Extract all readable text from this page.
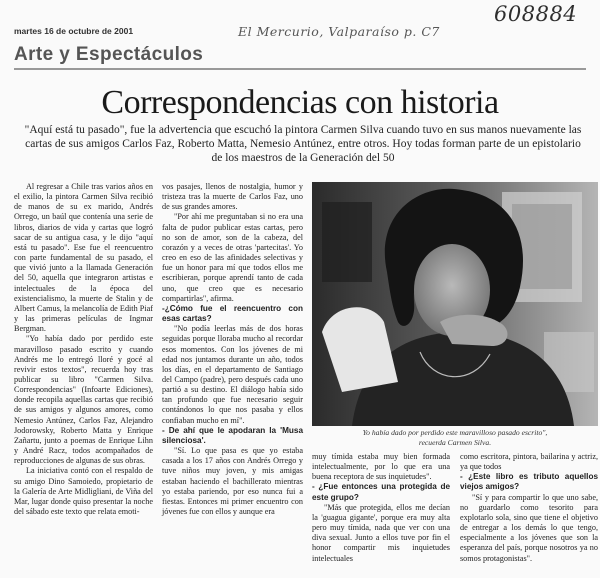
608884
El Mercurio, Valparaíso p. C7
martes 16 de octubre de 2001
Arte y Espectáculos
Correspondencias con historia
"Aquí está tu pasado", fue la advertencia que escuchó la pintora Carmen Silva cuando tuvo en sus manos nuevamente las cartas de sus amigos Carlos Faz, Roberto Matta, Nemesio Antúnez, entre otros. Hoy todas forman parte de un epistolario de los maestros de la Generación del 50

Al regresar a Chile tras varios años en el exilio, la pintora Carmen Silva recibió de manos de su ex marido, Andrés Orrego, un baúl que contenía una serie de libros, diarios de vida y cartas que logró sacar de su antigua casa, y le dijo "aquí está tu pasado". Ese fue el reencuentro con parte fundamental de su pasado, el que vivió junto a la llamada Generación del 50, aquella que integraron artistas e intelectuales de la época del existencialismo, la muerte de Stalin y de Albert Camus, la melancolía de Edith Piaf y las primeras películas de Ingmar Bergman.

"Yo había dado por perdido este maravilloso pasado escrito y cuando Andrés me lo entregó lloré y gocé al revivir estos textos", recuerda hoy tras publicar su libro "Carmen Silva. Correspondencias" (Infoarte Ediciones), donde recopila aquellas cartas que recibió de sus amigos y algunos amores, como Nemesio Antúnez, Carlos Faz, Alejandro Jodorowsky, Roberto Matta y Enrique Zañartu, junto a poemas de Enrique Lihn y André Racz, todos acompañados de reproducciones de algunas de sus obras.

La iniciativa contó con el respaldo de su amigo Dino Samoiedo, propietario de la Galería de Arte Midligliani, de Viña del Mar, lugar donde quiso presentar la noche del sábado este texto que relata emoti-

vos pasajes, llenos de nostalgia, humor y tristeza tras la muerte de Carlos Faz, uno de sus grandes amores.

"Por ahí me preguntaban si no era una falta de pudor publicar estas cartas, pero no son de amor, son de la cabeza, del corazón y a veces de otras 'partecitas'. Yo creo en eso de las afinidades selectivas y fue un honor para mí que todos ellos me escribieran, porque aprendí tanto de cada uno, que creo que es necesario compartirlas", afirma.

-¿Cómo fue el reencuentro con esas cartas?

"No podía leerlas más de dos horas seguidas porque lloraba mucho al recordar esos momentos. Con los jóvenes de mi edad nos juntamos durante un año, todos los días, en el departamento de Santiago del Campo (padre), pero después cada uno partió a su destino. El diálogo había sido tan profundo que fue necesario seguir contándonos lo que nos pasaba y ellos confiaban mucho en mí".

- De ahí que le apodaran la 'Musa silenciosa'.

"Sí. Lo que pasa es que yo estaba casada a los 17 años con Andrés Orrego y tuve niños muy joven, y mis amigas estaban haciendo el bachillerato mientras yo estaba pariendo, por eso nunca fui a fiestas. Entonces mi primer encuentro con jóvenes fue con ellos y aunque era

Yo había dado por perdido este maravilloso pasado escrito",
recuerda Carmen Silva.

muy tímida estaba muy bien formada intelectualmente, por lo que era una buena receptora de sus inquietudes".

- ¿Fue entonces una protegida de este grupo?

"Más que protegida, ellos me decían la 'guagua gigante', porque era muy alta pero muy tímida, nada que ver con una diva sexual. Junto a ellos tuve por fin el honor compartir mis inquietudes intelectuales

como escritora, pintora, bailarina y actriz, ya que todos

- ¿Este libro es tributo aquellos viejos amigos?

"Sí y para compartir lo que uno sabe, no guardarlo como tesorito para explotarlo sola, sino que tiene el objetivo de entregar a los demás lo que tengo, especialmente a los jóvenes que son la esperanza del país, porque nosotros ya no somos protagonistas".
